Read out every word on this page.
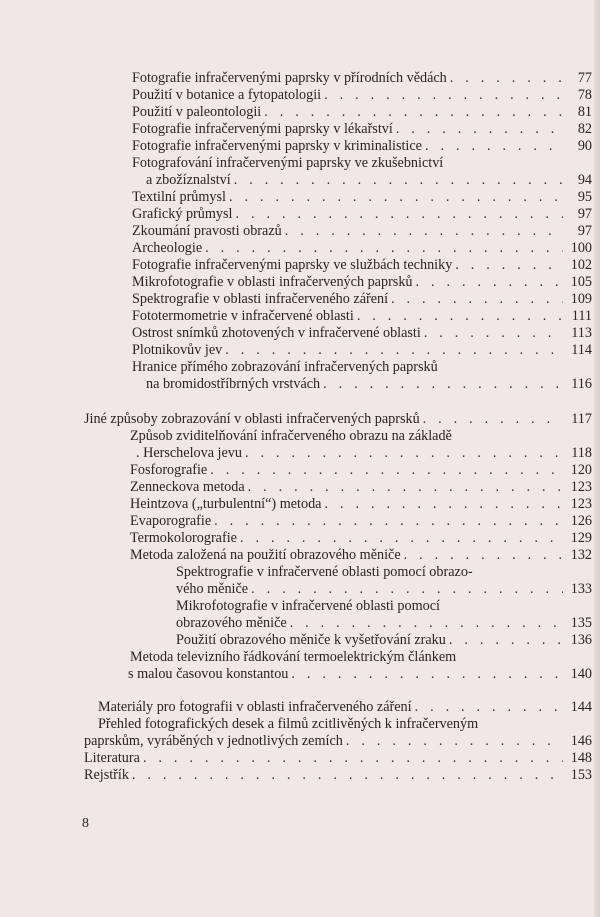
Fotografie infračervenými paprsky v přírodních vědách . . .	77
Použití v botanice a fytopatologii . . .	78
Použití v paleontologii . . .	81
Fotografie infračervenými paprsky v lékařství . . .	82
Fotografie infračervenými paprsky v kriminalistice . . .	90
Fotografování infračervenými paprsky ve zkušebnictví
a zbožíznalství . . .	94
Textilní průmysl . . .	95
Grafický průmysl . . .	97
Zkoumání pravosti obrazů . . .	97
Archeologie . . .	100
Fotografie infračervenými paprsky ve službách techniky . . .	102
Mikrofotografie v oblasti infračervených paprsků . . .	105
Spektrografie v oblasti infračerveného záření . . .	109
Fototermometrie v infračervené oblasti . . .	111
Ostrost snímků zhotovených v infračervené oblasti . . .	113
Plotnikovův jev . . .	114
Hranice přímého zobrazování infračervených paprsků
na bromidostříbrných vrstvách . . .	116
Jiné způsoby zobrazování v oblasti infračervených paprsků . . .	117
Způsob zviditelňování infračerveného obrazu na základě
. Herschelova jevu . . .	118
Fosforografie . . .	120
Zenneckova metoda . . .	123
Heintzova („turbulentní“) metoda . . .	123
Evaporografie . . .	126
Termokolorografie . . .	129
Metoda založená na použití obrazového měniče . . .	132
Spektrografie v infračervené oblasti pomocí obrazo-
vého měniče . . .	133
Mikrofotografie v infračervené oblasti pomocí
obrazového měniče . . .	135
Použití obrazového měniče k vyšetřování zraku . . .	136
Metoda televizního řádkování termoelektrickým článkem
s malou časovou konstantou . . .	140
Materiály pro fotografii v oblasti infračerveného záření . . .	144
Přehled fotografických desek a filmů zcitlivěných k infračerveným
paprskům, vyráběných v jednotlivých zemích . . .	146
Literatura . . .	148
Rejstřík . . .	153
8
